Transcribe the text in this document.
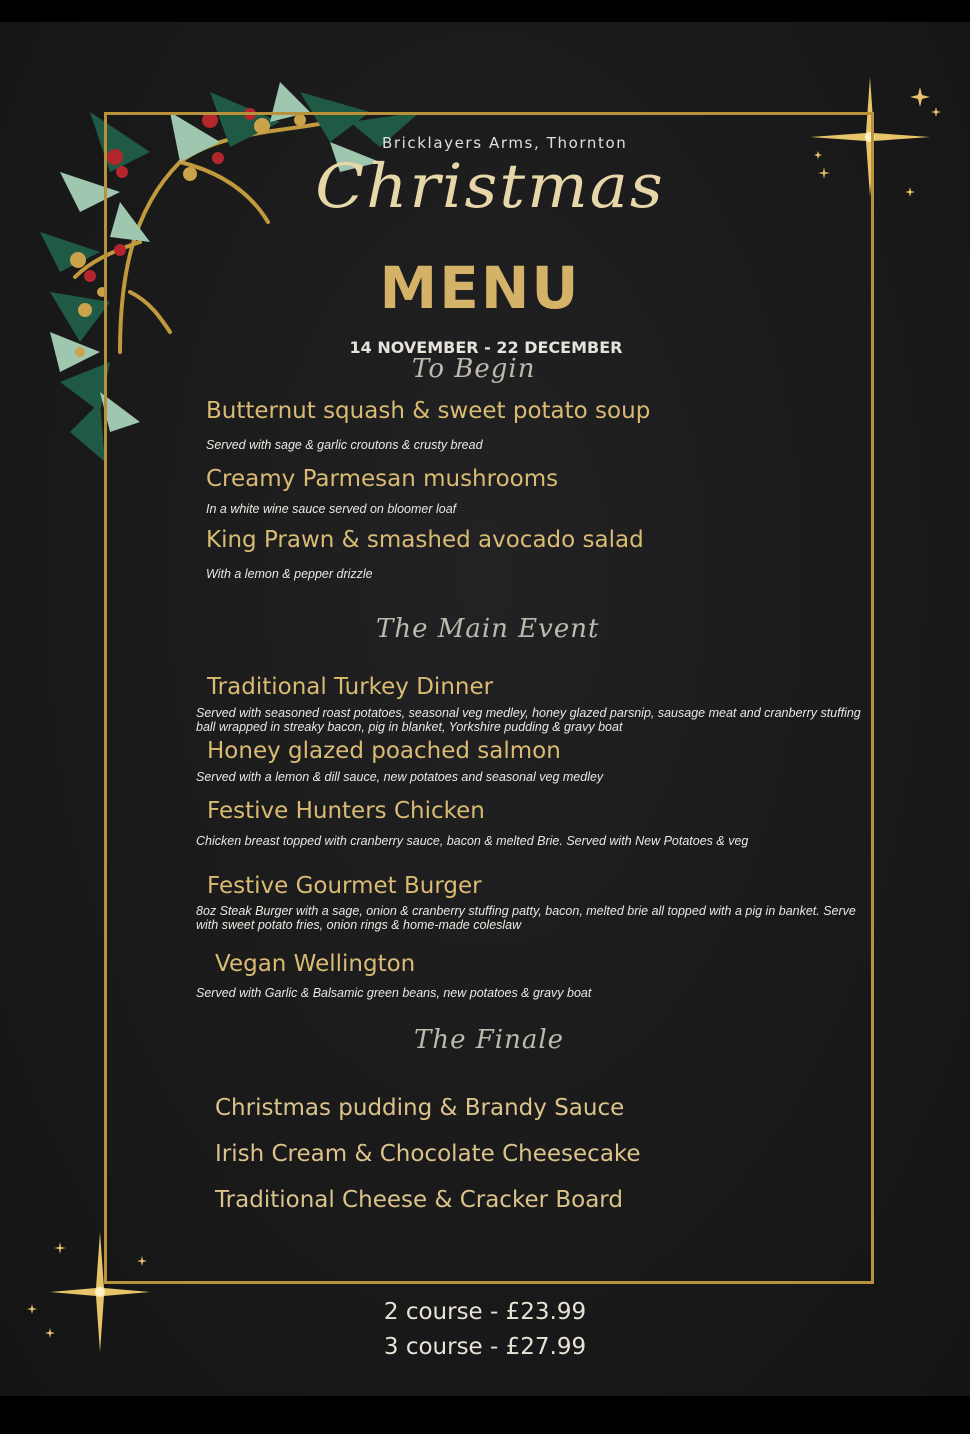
Bricklayers Arms, Thornton
Christmas
MENU
14 NOVEMBER - 22 DECEMBER
To Begin
Butternut squash & sweet potato soup
Served with sage & garlic croutons & crusty bread
Creamy Parmesan mushrooms
In a white wine sauce served on bloomer loaf
King Prawn & smashed avocado salad
With a lemon & pepper drizzle
The Main Event
Traditional Turkey Dinner
Served with seasoned roast potatoes, seasonal veg medley, honey glazed parsnip, sausage meat and cranberry stuffing ball wrapped in streaky bacon, pig in blanket, Yorkshire pudding & gravy boat
Honey glazed poached salmon
Served with a lemon & dill sauce, new potatoes and seasonal veg medley
Festive Hunters Chicken
Chicken breast topped with cranberry sauce, bacon & melted Brie. Served with New Potatoes & veg
Festive Gourmet Burger
8oz Steak Burger with a sage, onion & cranberry stuffing patty, bacon, melted brie all topped with a pig in banket. Serve with sweet potato fries, onion rings & home-made coleslaw
Vegan Wellington
Served with Garlic & Balsamic green beans, new potatoes & gravy boat
The Finale
Christmas pudding & Brandy Sauce
Irish Cream & Chocolate Cheesecake
Traditional Cheese & Cracker Board
2 course - £23.99
3 course - £27.99
